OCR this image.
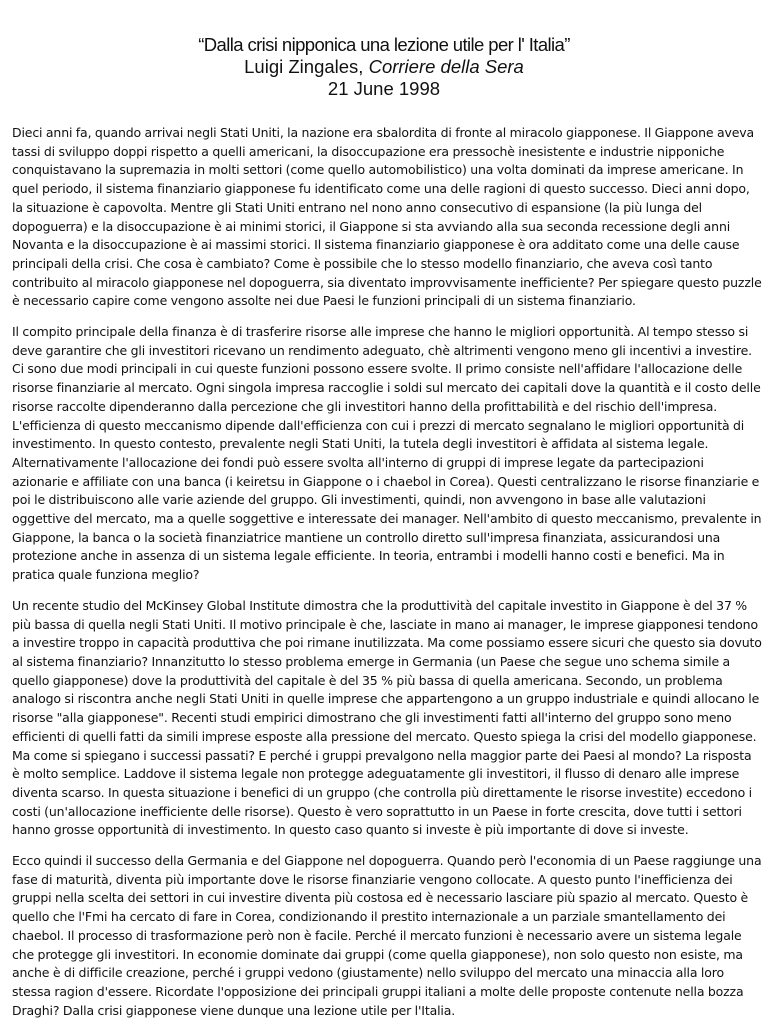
“Dalla crisi nipponica una lezione utile per l' Italia”

Luigi Zingales, Corriere della Sera

21 June 1998

Dieci anni fa, quando arrivai negli Stati Uniti, la nazione era sbalordita di fronte al miracolo giapponese. Il Giappone aveva tassi di sviluppo doppi rispetto a quelli americani, la disoccupazione era pressochè inesistente e industrie nipponiche conquistavano la supremazia in molti settori (come quello automobilistico) una volta dominati da imprese americane. In quel periodo, il sistema finanziario giapponese fu identificato come una delle ragioni di questo successo. Dieci anni dopo, la situazione è capovolta. Mentre gli Stati Uniti entrano nel nono anno consecutivo di espansione (la più lunga del dopoguerra) e la disoccupazione è ai minimi storici, il Giappone si sta avviando alla sua seconda recessione degli anni Novanta e la disoccupazione è ai massimi storici. Il sistema finanziario giapponese è ora additato come una delle cause principali della crisi. Che cosa è cambiato? Come è possibile che lo stesso modello finanziario, che aveva così tanto contribuito al miracolo giapponese nel dopoguerra, sia diventato improvvisamente inefficiente? Per spiegare questo puzzle è necessario capire come vengono assolte nei due Paesi le funzioni principali di un sistema finanziario.

Il compito principale della finanza è di trasferire risorse alle imprese che hanno le migliori opportunità. Al tempo stesso si deve garantire che gli investitori ricevano un rendimento adeguato, chè altrimenti vengono meno gli incentivi a investire. Ci sono due modi principali in cui queste funzioni possono essere svolte. Il primo consiste nell'affidare l'allocazione delle risorse finanziarie al mercato. Ogni singola impresa raccoglie i soldi sul mercato dei capitali dove la quantità e il costo delle risorse raccolte dipenderanno dalla percezione che gli investitori hanno della profittabilità e del rischio dell'impresa. L'efficienza di questo meccanismo dipende dall'efficienza con cui i prezzi di mercato segnalano le migliori opportunità di investimento. In questo contesto, prevalente negli Stati Uniti, la tutela degli investitori è affidata al sistema legale. Alternativamente l'allocazione dei fondi può essere svolta all'interno di gruppi di imprese legate da partecipazioni azionarie e affiliate con una banca (i keiretsu in Giappone o i chaebol in Corea). Questi centralizzano le risorse finanziarie e poi le distribuiscono alle varie aziende del gruppo. Gli investimenti, quindi, non avvengono in base alle valutazioni oggettive del mercato, ma a quelle soggettive e interessate dei manager. Nell'ambito di questo meccanismo, prevalente in Giappone, la banca o la società finanziatrice mantiene un controllo diretto sull'impresa finanziata, assicurandosi una protezione anche in assenza di un sistema legale efficiente. In teoria, entrambi i modelli hanno costi e benefici. Ma in pratica quale funziona meglio?

Un recente studio del McKinsey Global Institute dimostra che la produttività del capitale investito in Giappone è del 37 % più bassa di quella negli Stati Uniti. Il motivo principale è che, lasciate in mano ai manager, le imprese giapponesi tendono a investire troppo in capacità produttiva che poi rimane inutilizzata. Ma come possiamo essere sicuri che questo sia dovuto al sistema finanziario? Innanzitutto lo stesso problema emerge in Germania (un Paese che segue uno schema simile a quello giapponese) dove la produttività del capitale è del 35 % più bassa di quella americana. Secondo, un problema analogo si riscontra anche negli Stati Uniti in quelle imprese che appartengono a un gruppo industriale e quindi allocano le risorse "alla giapponese". Recenti studi empirici dimostrano che gli investimenti fatti all'interno del gruppo sono meno efficienti di quelli fatti da simili imprese esposte alla pressione del mercato. Questo spiega la crisi del modello giapponese. Ma come si spiegano i successi passati? E perché i gruppi prevalgono nella maggior parte dei Paesi al mondo? La risposta è molto semplice. Laddove il sistema legale non protegge adeguatamente gli investitori, il flusso di denaro alle imprese diventa scarso. In questa situazione i benefici di un gruppo (che controlla più direttamente le risorse investite) eccedono i costi (un'allocazione inefficiente delle risorse). Questo è vero soprattutto in un Paese in forte crescita, dove tutti i settori hanno grosse opportunità di investimento. In questo caso quanto si investe è più importante di dove si investe.

Ecco quindi il successo della Germania e del Giappone nel dopoguerra. Quando però l'economia di un Paese raggiunge una fase di maturità, diventa più importante dove le risorse finanziarie vengono collocate. A questo punto l'inefficienza dei gruppi nella scelta dei settori in cui investire diventa più costosa ed è necessario lasciare più spazio al mercato. Questo è quello che l'Fmi ha cercato di fare in Corea, condizionando il prestito internazionale a un parziale smantellamento dei chaebol. Il processo di trasformazione però non è facile. Perché il mercato funzioni è necessario avere un sistema legale che protegge gli investitori. In economie dominate dai gruppi (come quella giapponese), non solo questo non esiste, ma anche è di difficile creazione, perché i gruppi vedono (giustamente) nello sviluppo del mercato una minaccia alla loro stessa ragion d'essere. Ricordate l'opposizione dei principali gruppi italiani a molte delle proposte contenute nella bozza Draghi? Dalla crisi giapponese viene dunque una lezione utile per l'Italia.
